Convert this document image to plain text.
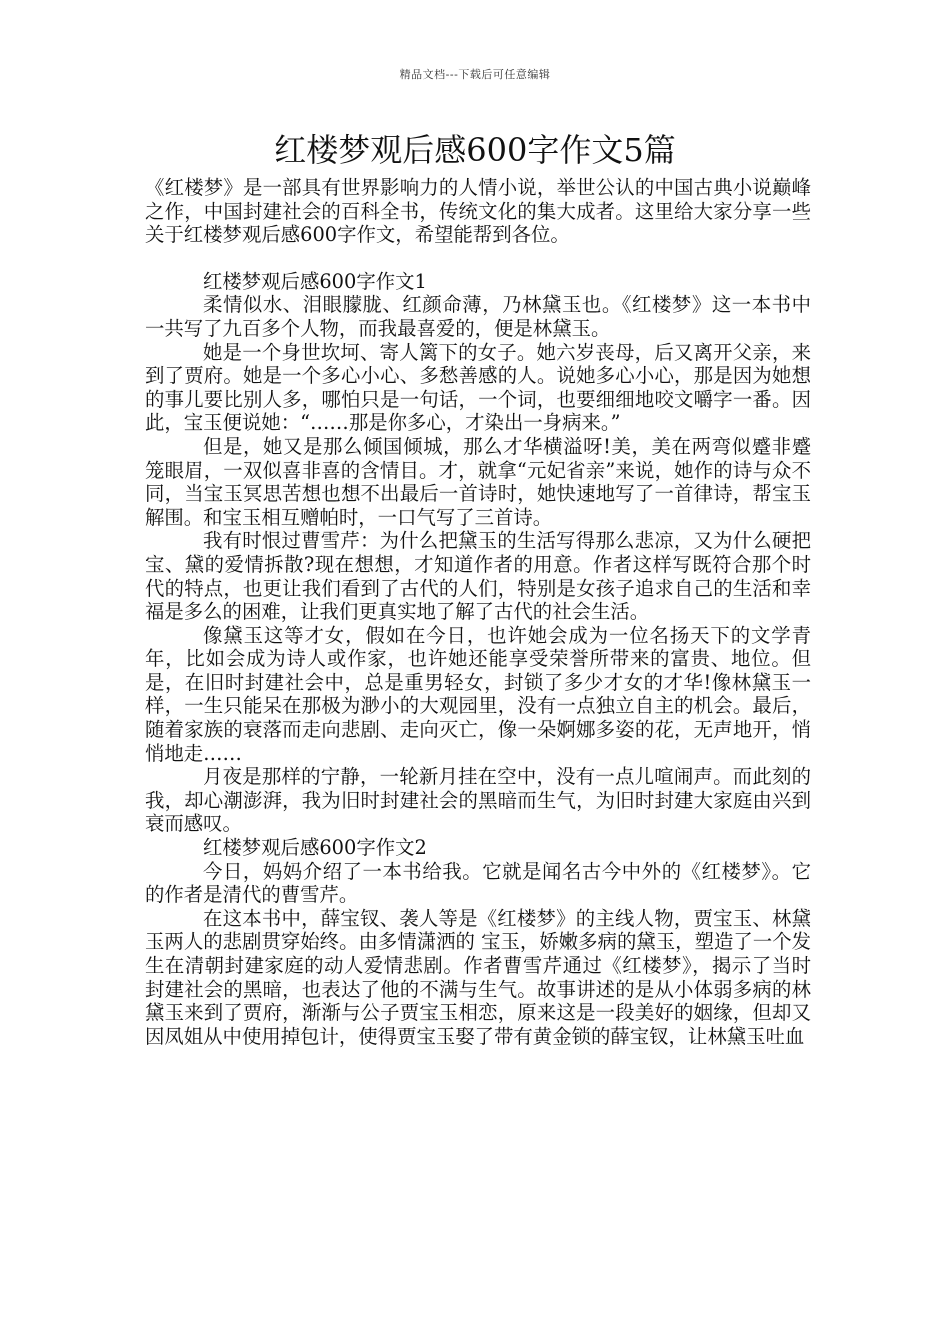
精品文档---下载后可任意编辑
红楼梦观后感600字作文5篇

《红楼梦》是一部具有世界影响力的人情小说，举世公认的中国古典小说巅峰之作，中国封建社会的百科全书，传统文化的集大成者。这里给大家分享一些关于红楼梦观后感600字作文，希望能帮到各位。

红楼梦观后感600字作文1

柔情似水、泪眼朦胧、红颜命薄，乃林黛玉也。《红楼梦》这一本书中一共写了九百多个人物，而我最喜爱的，便是林黛玉。

她是一个身世坎坷、寄人篱下的女子。她六岁丧母，后又离开父亲，来到了贾府。她是一个多心小心、多愁善感的人。说她多心小心，那是因为她想的事儿要比别人多，哪怕只是一句话，一个词，也要细细地咬文嚼字一番。因此，宝玉便说她：“……那是你多心，才染出一身病来。”

但是，她又是那么倾国倾城，那么才华横溢呀!美，美在两弯似蹙非蹙笼眼眉，一双似喜非喜的含情目。才，就拿“元妃省亲”来说，她作的诗与众不同，当宝玉冥思苦想也想不出最后一首诗时，她快速地写了一首律诗，帮宝玉解围。和宝玉相互赠帕时，一口气写了三首诗。

我有时恨过曹雪芹：为什么把黛玉的生活写得那么悲凉，又为什么硬把宝、黛的爱情拆散?现在想想，才知道作者的用意。作者这样写既符合那个时代的特点，也更让我们看到了古代的人们，特别是女孩子追求自己的生活和幸福是多么的困难，让我们更真实地了解了古代的社会生活。

像黛玉这等才女，假如在今日，也许她会成为一位名扬天下的文学青年，比如会成为诗人或作家，也许她还能享受荣誉所带来的富贵、地位。但是，在旧时封建社会中，总是重男轻女，封锁了多少才女的才华!像林黛玉一样，一生只能呆在那极为渺小的大观园里，没有一点独立自主的机会。最后，随着家族的衰落而走向悲剧、走向灭亡，像一朵婀娜多姿的花，无声地开，悄悄地走……

月夜是那样的宁静，一轮新月挂在空中，没有一点儿喧闹声。而此刻的我，却心潮澎湃，我为旧时封建社会的黑暗而生气，为旧时封建大家庭由兴到衰而感叹。

红楼梦观后感600字作文2

今日，妈妈介绍了一本书给我。它就是闻名古今中外的《红楼梦》。它的作者是清代的曹雪芹。

在这本书中，薛宝钗、袭人等是《红楼梦》的主线人物，贾宝玉、林黛玉两人的悲剧贯穿始终。由多情潇洒的 宝玉，娇嫩多病的黛玉，塑造了一个发生在清朝封建家庭的动人爱情悲剧。作者曹雪芹通过《红楼梦》，揭示了当时封建社会的黑暗，也表达了他的不满与生气。故事讲述的是从小体弱多病的林黛玉来到了贾府，渐渐与公子贾宝玉相恋，原来这是一段美好的姻缘，但却又因凤姐从中使用掉包计，使得贾宝玉娶了带有黄金锁的薛宝钗，让林黛玉吐血
